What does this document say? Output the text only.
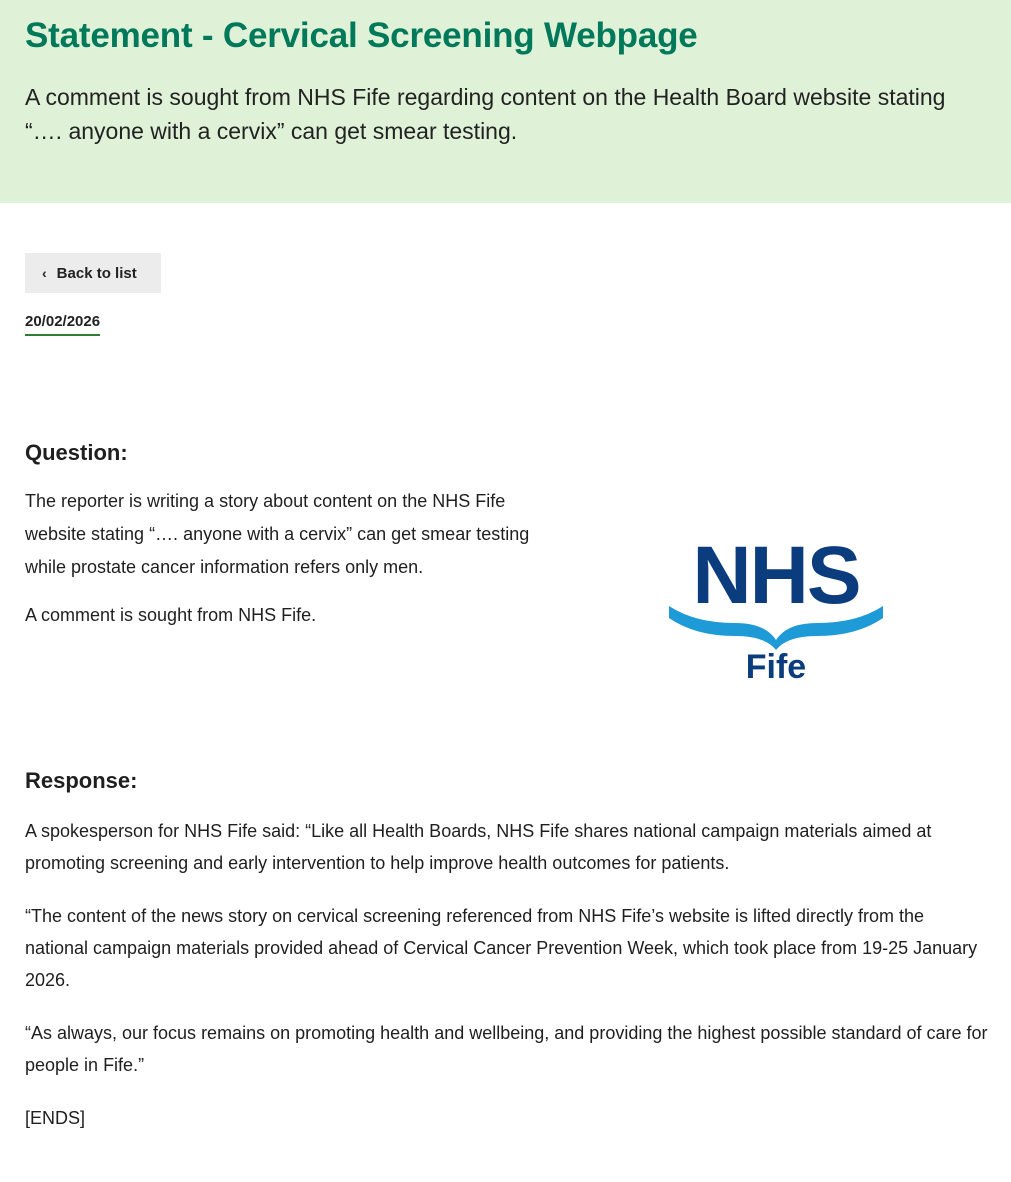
Statement - Cervical Screening Webpage

A comment is sought from NHS Fife regarding content on the Health Board website stating “…. anyone with a cervix” can get smear testing.

‹ Back to list
20/02/2026
Question:

The reporter is writing a story about content on the NHS Fife website stating “…. anyone with a cervix” can get smear testing while prostate cancer information refers only men.

A comment is sought from NHS Fife.	NHS
Fife
Response:

A spokesperson for NHS Fife said: “Like all Health Boards, NHS Fife shares national campaign materials aimed at promoting screening and early intervention to help improve health outcomes for patients.

“The content of the news story on cervical screening referenced from NHS Fife’s website is lifted directly from the national campaign materials provided ahead of Cervical Cancer Prevention Week, which took place from 19-25 January 2026.

“As always, our focus remains on promoting health and wellbeing, and providing the highest possible standard of care for people in Fife.”

[ENDS]
